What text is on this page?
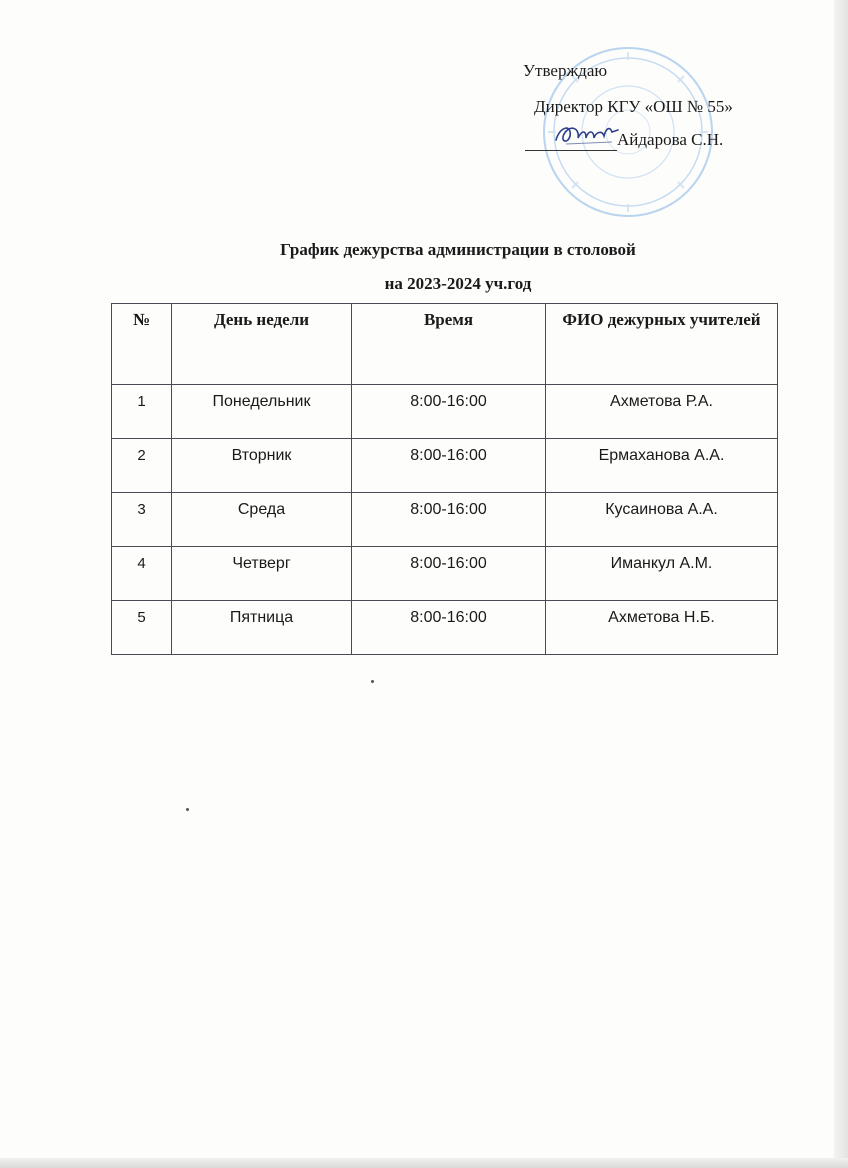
Утверждаю
Директор КГУ «ОШ № 55»
Айдарова С.Н.
График дежурства администрации в столовой
на 2023-2024 уч.год
№	День недели	Время	ФИО дежурных учителей
1	Понедельник	8:00-16:00	Ахметова Р.А.
2	Вторник	8:00-16:00	Ермаханова А.А.
3	Среда	8:00-16:00	Кусаинова А.А.
4	Четверг	8:00-16:00	Иманкул А.М.
5	Пятница	8:00-16:00	Ахметова Н.Б.
